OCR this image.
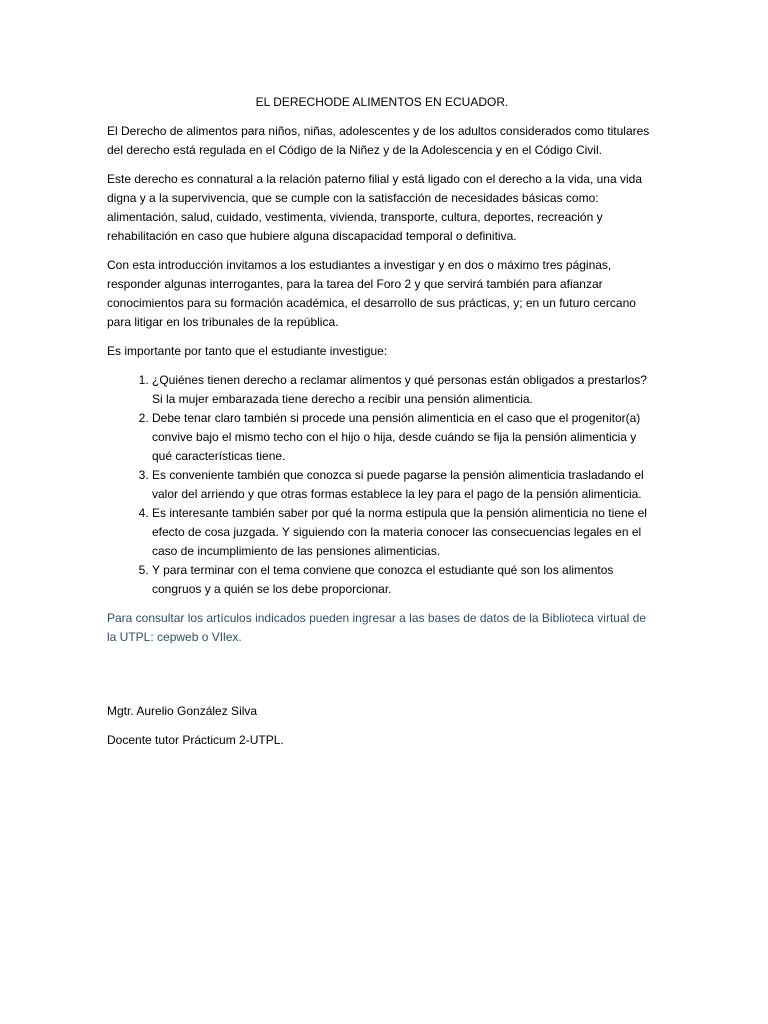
EL DERECHODE ALIMENTOS EN ECUADOR.

El Derecho de alimentos para niños, niñas, adolescentes y de los adultos considerados como titulares del derecho está regulada en el Código de la Niñez y de la Adolescencia y en el Código Civil.

Este derecho es connatural a la relación paterno filial y está ligado con el derecho a la vida, una vida digna y a la supervivencia, que se cumple con la satisfacción de necesidades básicas como: alimentación, salud, cuidado, vestimenta, vivienda, transporte, cultura, deportes, recreación y rehabilitación en caso que hubiere alguna discapacidad temporal o definitiva.

Con esta introducción invitamos a los estudiantes a investigar y en dos o máximo tres páginas, responder algunas interrogantes, para la tarea del Foro 2 y que servirá también para afianzar conocimientos para su formación académica, el desarrollo de sus prácticas, y; en un futuro cercano para litigar en los tribunales de la república.

Es importante por tanto que el estudiante investigue:

1. ¿Quiénes tienen derecho a reclamar alimentos y qué personas están obligados a prestarlos? Si la mujer embarazada tiene derecho a recibir una pensión alimenticia.
2. Debe tenar claro también si procede una pensión alimenticia en el caso que el progenitor(a) convive bajo el mismo techo con el hijo o hija, desde cuándo se fija la pensión alimenticia y qué características tiene.
3. Es conveniente también que conozca si puede pagarse la pensión alimenticia trasladando el valor del arriendo y que otras formas establece la ley para el pago de la pensión alimenticia.
4. Es interesante también saber por qué la norma estipula que la pensión alimenticia no tiene el efecto de cosa juzgada. Y siguiendo con la materia conocer las consecuencias legales en el caso de incumplimiento de las pensiones alimenticias.
5. Y para terminar con el tema conviene que conozca el estudiante qué son los alimentos congruos y a quién se los debe proporcionar.

Para consultar los artículos indicados pueden ingresar a las bases de datos de la Biblioteca virtual de la UTPL: cepweb o VIlex.

Mgtr. Aurelio González Silva

Docente tutor Prácticum 2-UTPL.
